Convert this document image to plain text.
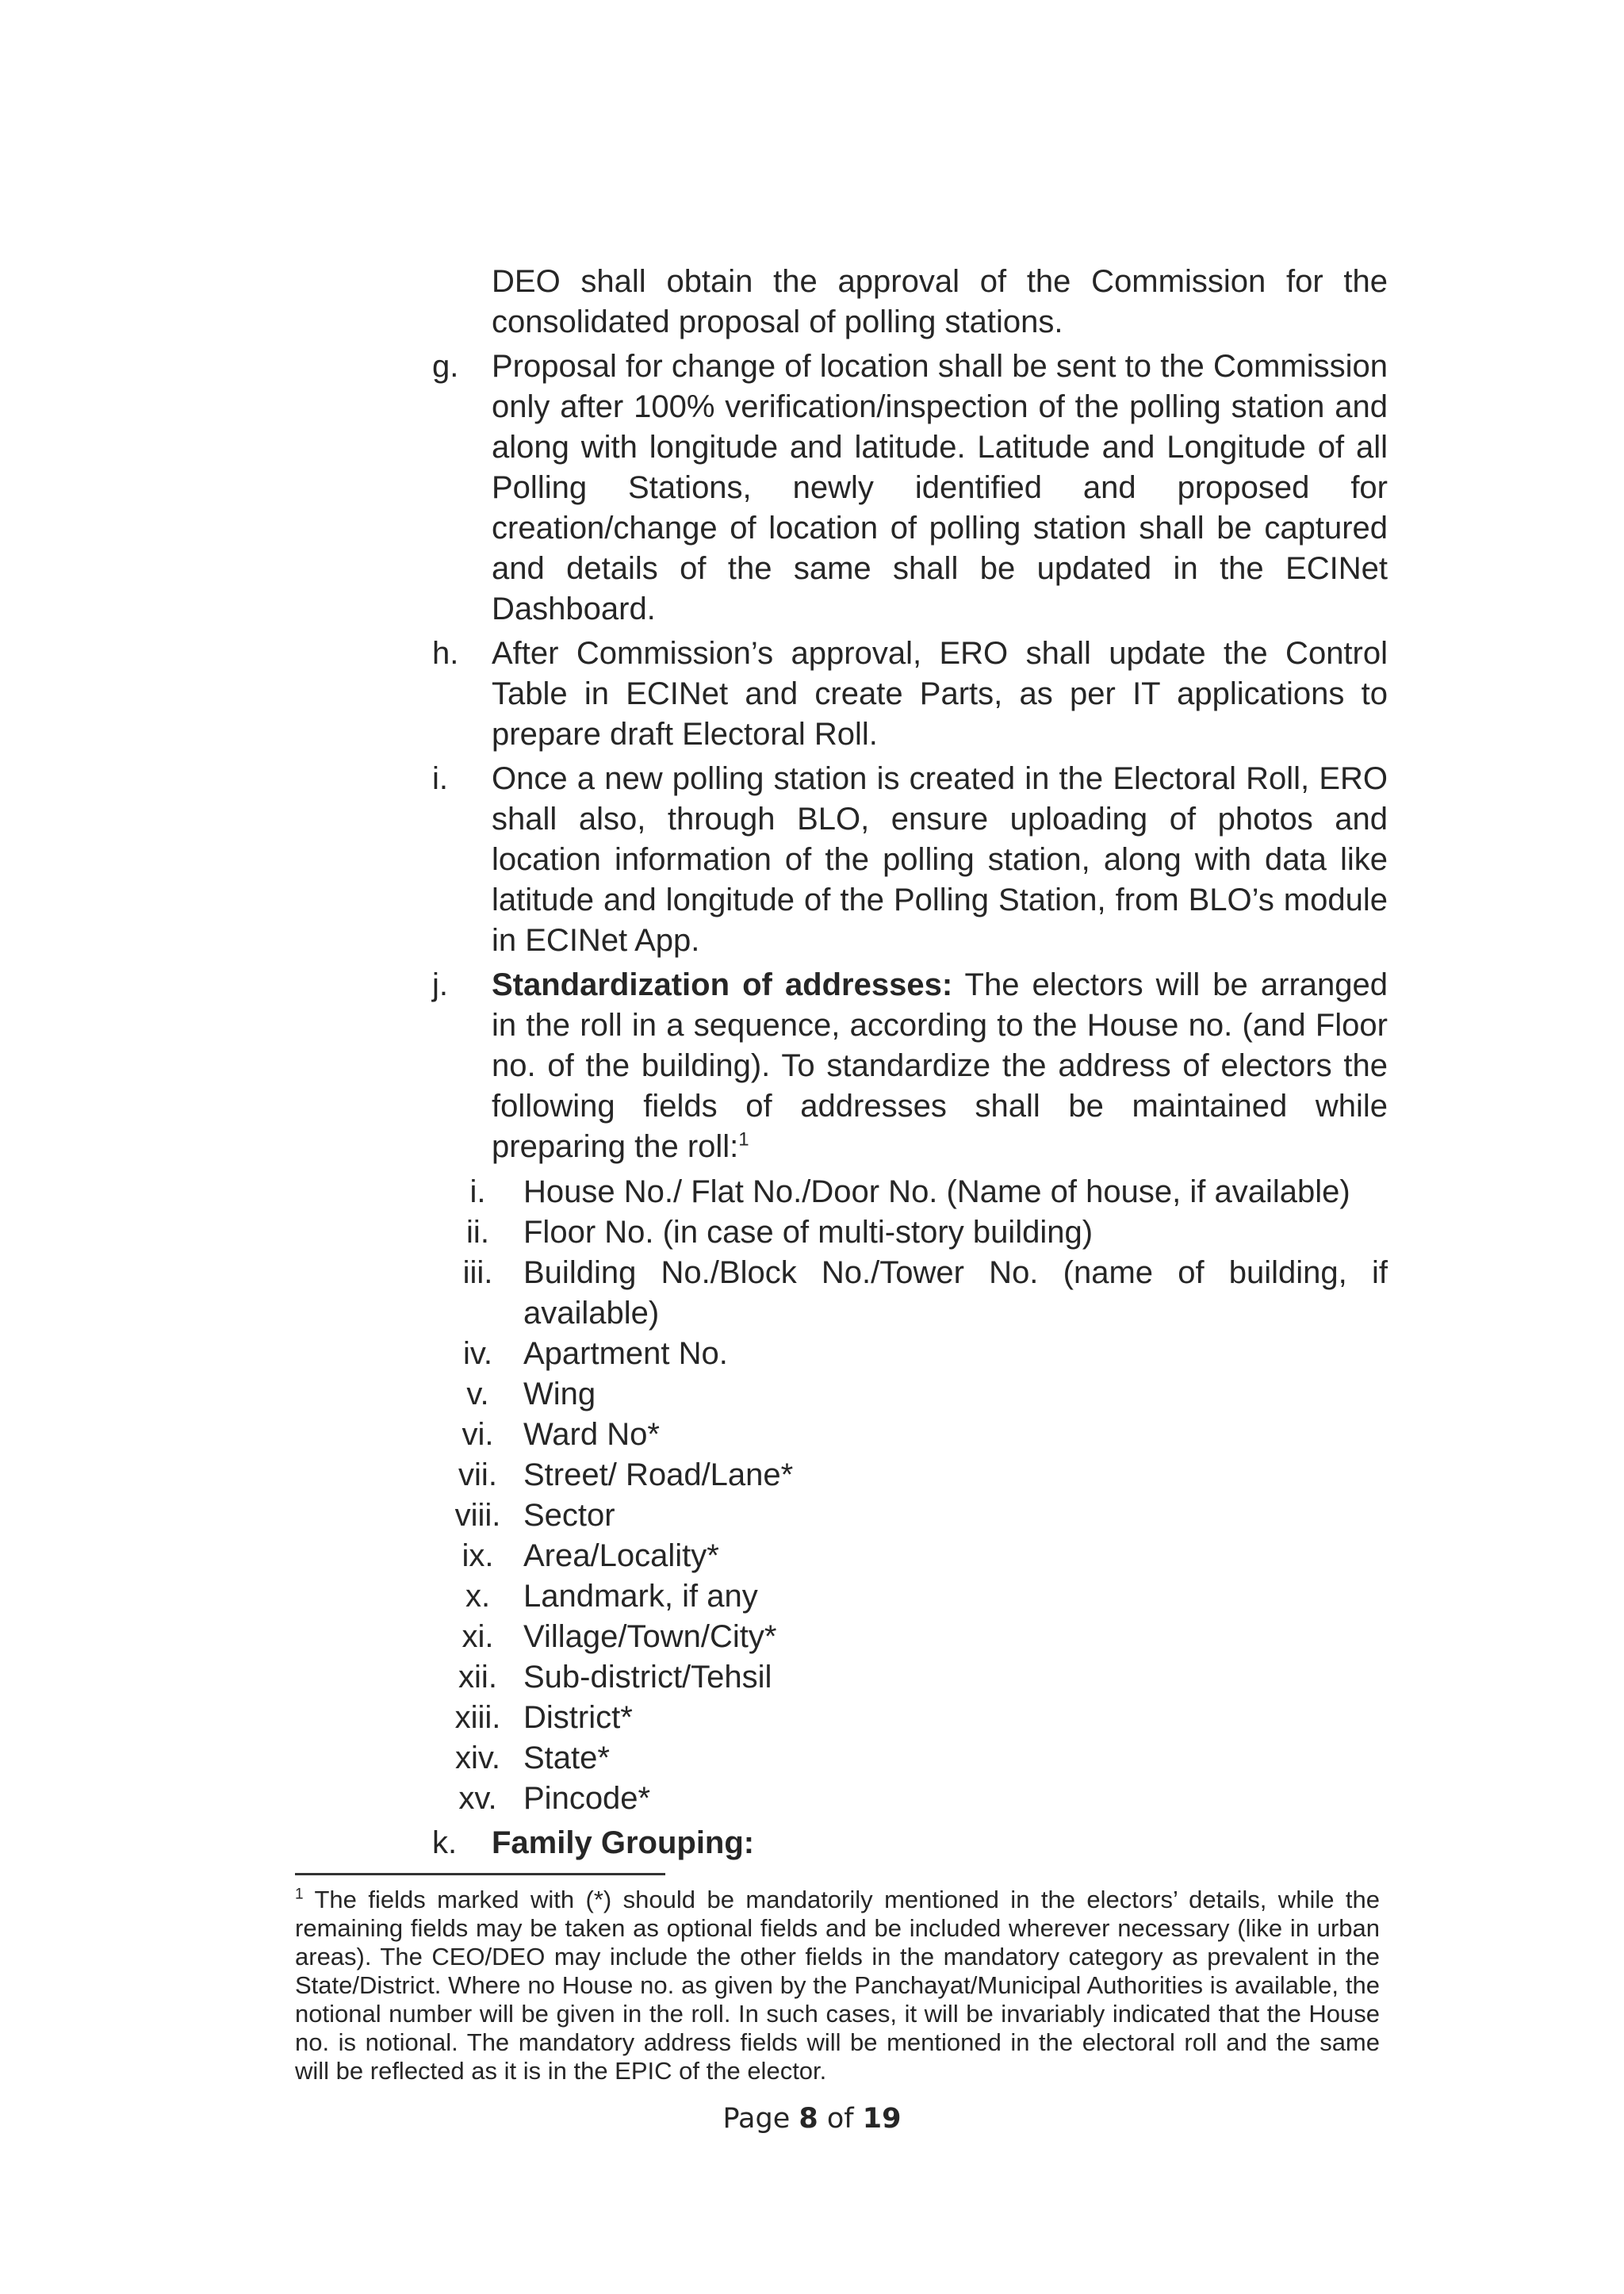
DEO shall obtain the approval of the Commission for the consolidated proposal of polling stations.

g.	Proposal for change of location shall be sent to the Commission only after 100% verification/inspection of the polling station and along with longitude and latitude. Latitude and Longitude of all Polling Stations, newly identified and proposed for creation/change of location of polling station shall be captured and details of the same shall be updated in the ECINet Dashboard.
h.	After Commission’s approval, ERO shall update the Control Table in ECINet and create Parts, as per IT applications to prepare draft Electoral Roll.
i.	Once a new polling station is created in the Electoral Roll, ERO shall also, through BLO, ensure uploading of photos and location information of the polling station, along with data like latitude and longitude of the Polling Station, from BLO’s module in ECINet App.
j.	Standardization of addresses: The electors will be arranged in the roll in a sequence, according to the House no. (and Floor no. of the building). To standardize the address of electors the following fields of addresses shall be maintained while preparing the roll:$^1$
i.	House No./ Flat No./Door No. (Name of house, if available)
ii.	Floor No. (in case of multi-story building)
iii. Building No./Block No./Tower No. (name of building, if available)
iv. Apartment No.
v.	Wing
vi. Ward No*
vii. Street/ Road/Lane*
viii. Sector
ix. Area/Locality*
x.	Landmark, if any
xi. Village/Town/City*
xii. Sub-district/Tehsil
xiii. District*
xiv. State*
xv. Pincode*
k.	Family Grouping:
$^1$ The fields marked with (*) should be mandatorily mentioned in the electors’ details, while the remaining fields may be taken as optional fields and be included wherever necessary (like in urban areas). The CEO/DEO may include the other fields in the mandatory category as prevalent in the State/District. Where no House no. as given by the Panchayat/Municipal Authorities is available, the notional number will be given in the roll. In such cases, it will be invariably indicated that the House no. is notional. The mandatory address fields will be mentioned in the electoral roll and the same will be reflected as it is in the EPIC of the elector.
Page 8 of 19
